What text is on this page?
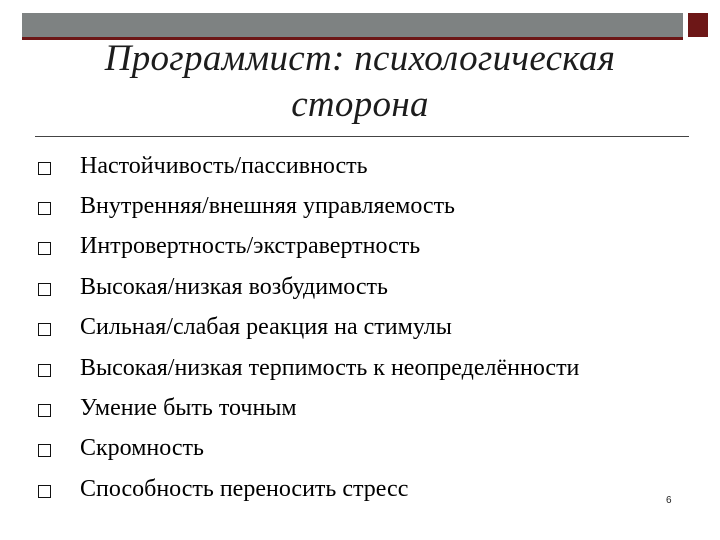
Программист: психологическая сторона
Настойчивость/пассивность
Внутренняя/внешняя управляемость
Интровертность/экстравертность
Высокая/низкая возбудимость
Сильная/слабая реакция на стимулы
Высокая/низкая терпимость к неопределённости
Умение быть точным
Скромность
Способность переносить стресс	6
